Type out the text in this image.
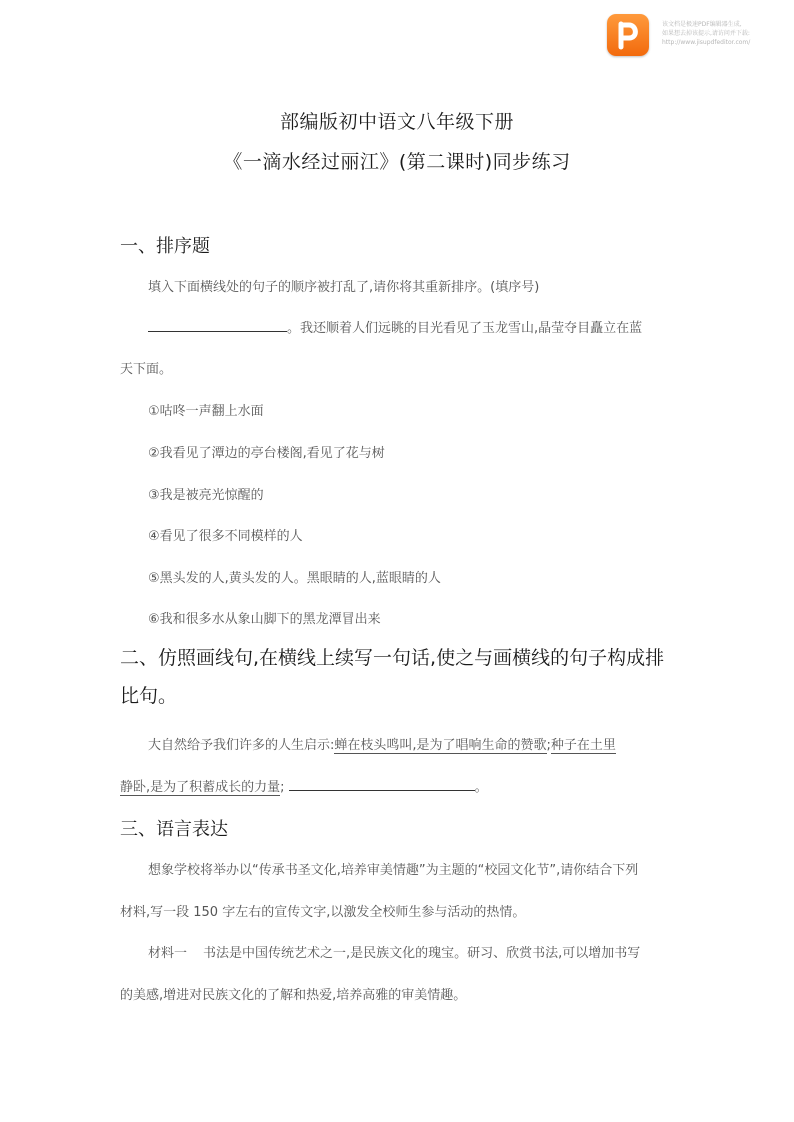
该文档是极速PDF编辑器生成,
如果想去掉该提示,请访问并下载:
http://www.jisupdfeditor.com/
部编版初中语文八年级下册
《一滴水经过丽江》(第二课时)同步练习
一、排序题
填入下面横线处的句子的顺序被打乱了,请你将其重新排序。(填序号)
。我还顺着人们远眺的目光看见了玉龙雪山,晶莹夺目矗立在蓝
天下面。
①咕咚一声翻上水面
②我看见了潭边的亭台楼阁,看见了花与树
③我是被亮光惊醒的
④看见了很多不同模样的人
⑤黑头发的人,黄头发的人。黑眼睛的人,蓝眼睛的人
⑥我和很多水从象山脚下的黑龙潭冒出来
二、仿照画线句,在横线上续写一句话,使之与画横线的句子构成排比句。
大自然给予我们许多的人生启示:蝉在枝头鸣叫,是为了唱响生命的赞歌;种子在土里
静卧,是为了积蓄成长的力量;	。
三、语言表达
想象学校将举办以“传承书圣文化,培养审美情趣”为主题的“校园文化节”,请你结合下列
材料,写一段 150 字左右的宣传文字,以激发全校师生参与活动的热情。
材料一 书法是中国传统艺术之一,是民族文化的瑰宝。研习、欣赏书法,可以增加书写
的美感,增进对民族文化的了解和热爱,培养高雅的审美情趣。
